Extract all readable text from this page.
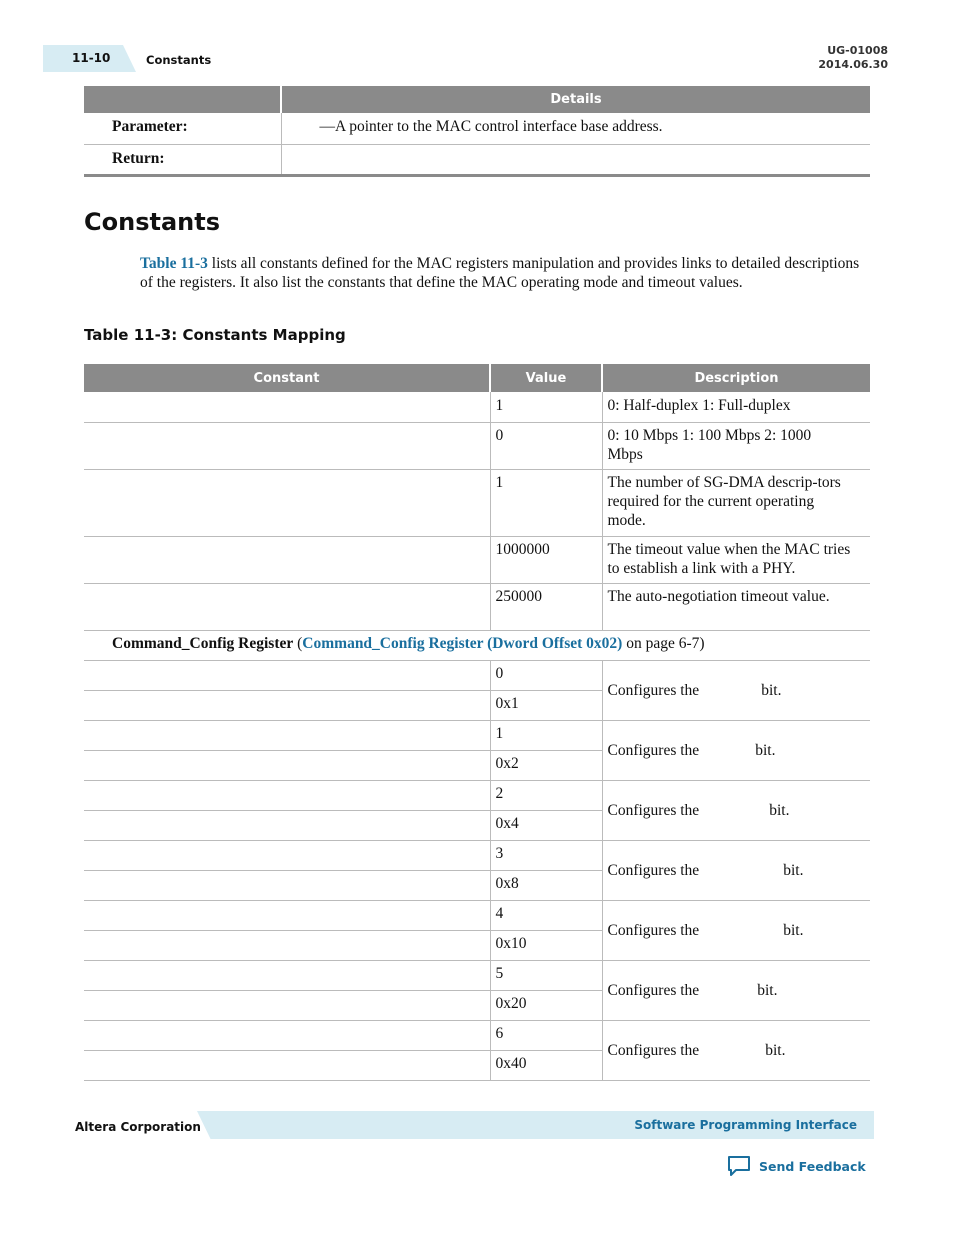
11-10	Constants
UG-01008
2014.06.30
	Details
Parameter:	—A pointer to the MAC control interface base address.
Return:	
Constants

Table 11-3 lists all constants defined for the MAC registers manipulation and provides links to detailed descriptions of the registers. It also list the constants that define the MAC operating mode and timeout values.

Table 11-3: Constants Mapping

Constant	Value	Description
	1	0: Half-duplex 1: Full-duplex
	0	0: 10 Mbps 1: 100 Mbps 2: 1000 Mbps
	1	The number of SG-DMA descrip-tors required for the current operating mode.
	1000000	The timeout value when the MAC tries to establish a link with a PHY.
	250000	The auto-negotiation timeout value.
Command_Config Register (Command_Config Register (Dword Offset 0x02) on page 6-7)		
	0	Configures the bit.
	0x1	
	1	Configures the bit.
	0x2	
	2	Configures the bit.
	0x4	
	3	Configures the bit.
	0x8	
	4	Configures the bit.
	0x10	
	5	Configures the bit.
	0x20	
	6	Configures the bit.
	0x40	
Altera Corporation	Software Programming Interface
Send Feedback
